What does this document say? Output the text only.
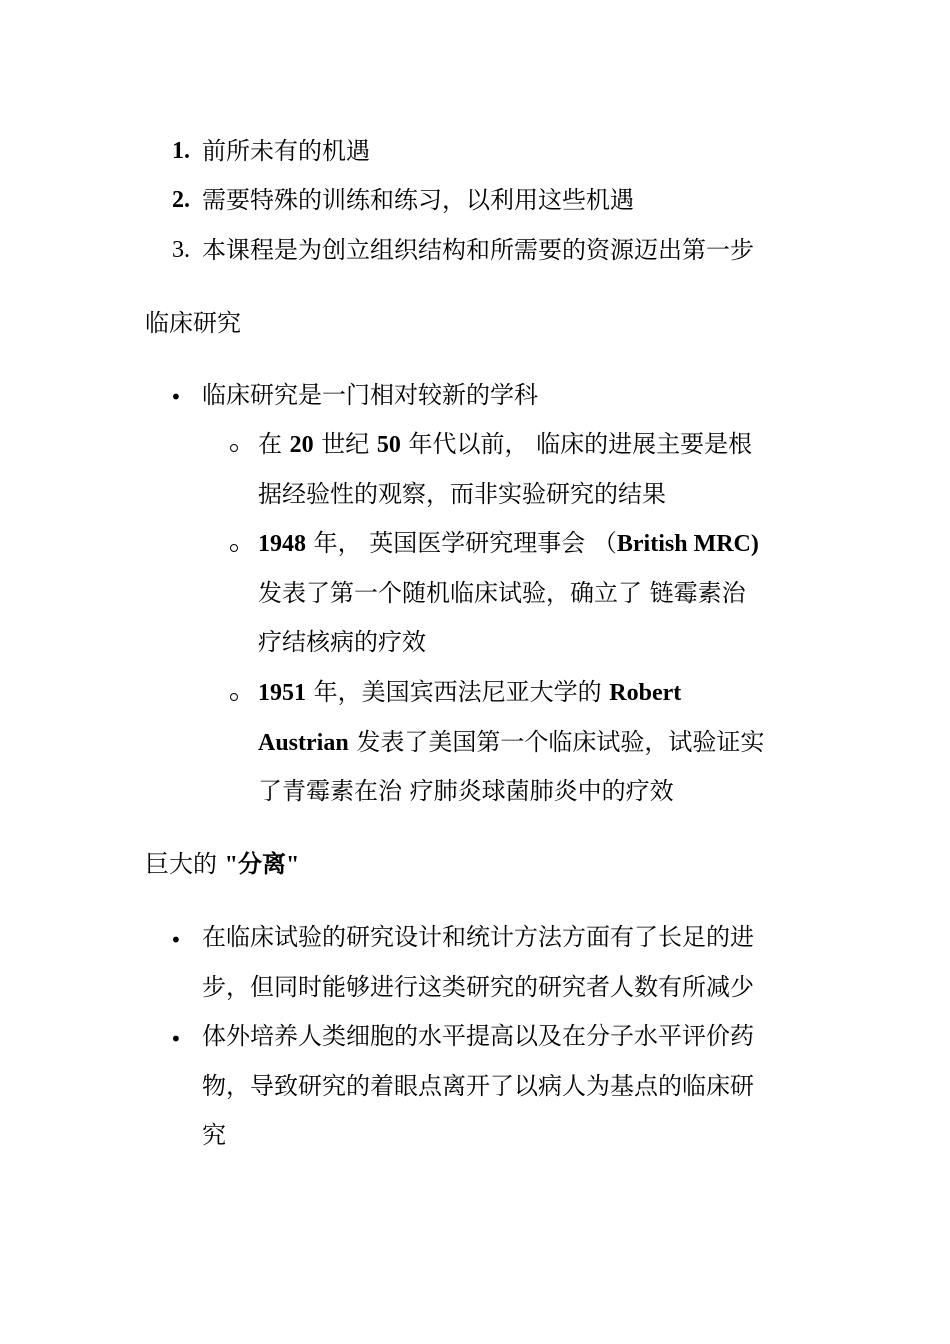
1. 前所未有的机遇
2. 需要特殊的训练和练习，以利用这些机遇
3. 本课程是为创立组织结构和所需要的资源迈出第一步
临床研究
• 临床研究是一门相对较新的学科
在 20 世纪 50 年代以前， 临床的进展主要是根
据经验性的观察，而非实验研究的结果
1948 年， 英国医学研究理事会 （British MRC)
发表了第一个随机临床试验，确立了 链霉素治
疗结核病的疗效
1951 年，美国宾西法尼亚大学的 Robert
Austrian 发表了美国第一个临床试验，试验证实
了青霉素在治 疗肺炎球菌肺炎中的疗效
巨大的 "分离"
• 在临床试验的研究设计和统计方法方面有了长足的进
步，但同时能够进行这类研究的研究者人数有所减少
• 体外培养人类细胞的水平提高以及在分子水平评价药
物，导致研究的着眼点离开了以病人为基点的临床研
究
